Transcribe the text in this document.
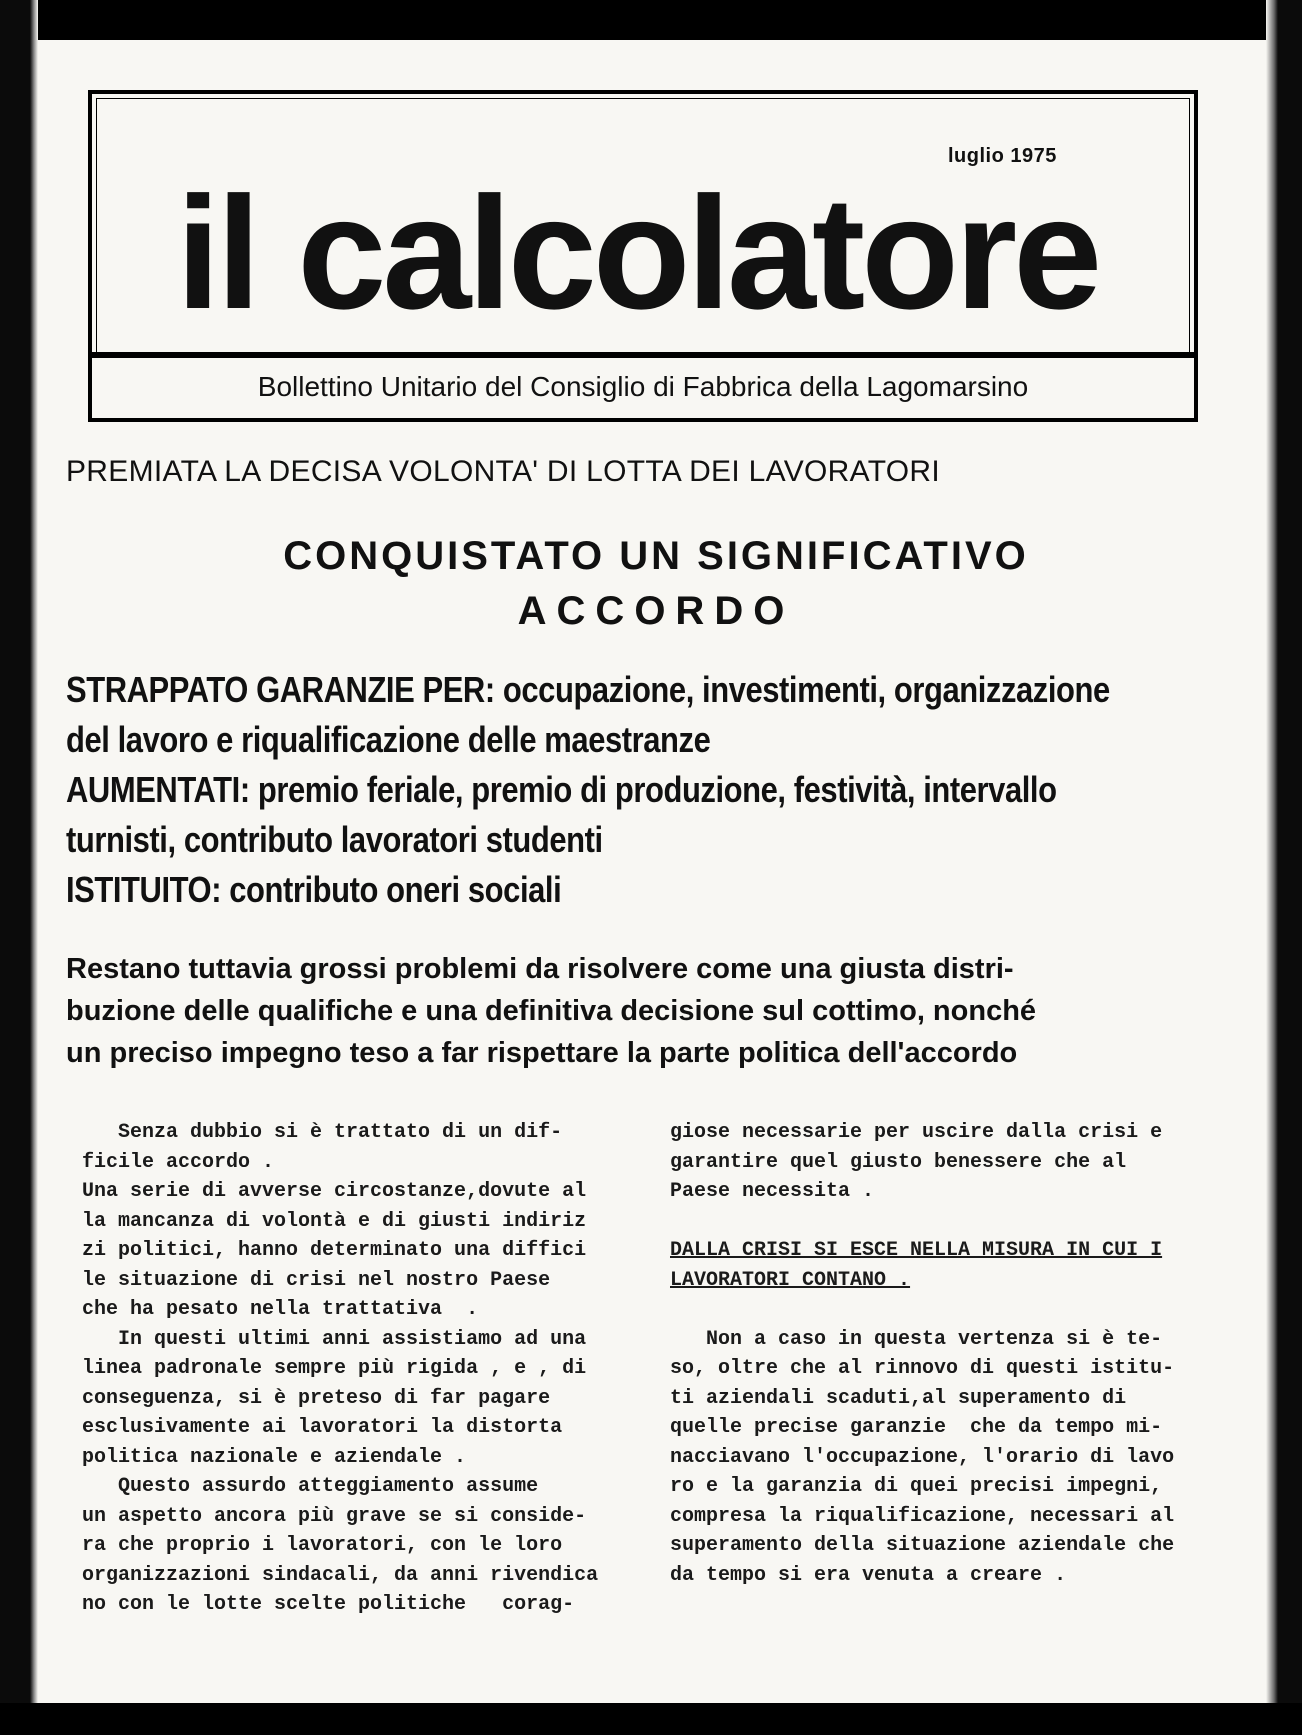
luglio 1975
il calcolatore
Bollettino Unitario del Consiglio di Fabbrica della Lagomarsino
PREMIATA LA DECISA VOLONTA' DI LOTTA DEI LAVORATORI
CONQUISTATO UN SIGNIFICATIVO
ACCORDO
STRAPPATO GARANZIE PER: occupazione, investimenti, organizzazione
del lavoro e riqualificazione delle maestranze
AUMENTATI: premio feriale, premio di produzione, festività, intervallo
turnisti, contributo lavoratori studenti
ISTITUITO: contributo oneri sociali
Restano tuttavia grossi problemi da risolvere come una giusta distri-
buzione delle qualifiche e una definitiva decisione sul cottimo, nonché
un preciso impegno teso a far rispettare la parte politica dell'accordo
Senza dubbio si è trattato di un dif-
ficile accordo .
Una serie di avverse circostanze,dovute al
la mancanza di volontà e di giusti indiriz
zi politici, hanno determinato una diffici
le situazione di crisi nel nostro Paese
che ha pesato nella trattativa  .
In questi ultimi anni assistiamo ad una
linea padronale sempre più rigida , e , di
conseguenza, si è preteso di far pagare
esclusivamente ai lavoratori la distorta
politica nazionale e aziendale .
Questo assurdo atteggiamento assume
un aspetto ancora più grave se si conside-
ra che proprio i lavoratori, con le loro
organizzazioni sindacali, da anni rivendica
no con le lotte scelte politiche   corag-
giose necessarie per uscire dalla crisi e
garantire quel giusto benessere che al
Paese necessita .

DALLA CRISI SI ESCE NELLA MISURA IN CUI I
LAVORATORI CONTANO .

Non a caso in questa vertenza si è te-
so, oltre che al rinnovo di questi istitu-
ti aziendali scaduti,al superamento di
quelle precise garanzie  che da tempo mi-
nacciavano l'occupazione, l'orario di lavo
ro e la garanzia di quei precisi impegni,
compresa la riqualificazione, necessari al
superamento della situazione aziendale che
da tempo si era venuta a creare .
